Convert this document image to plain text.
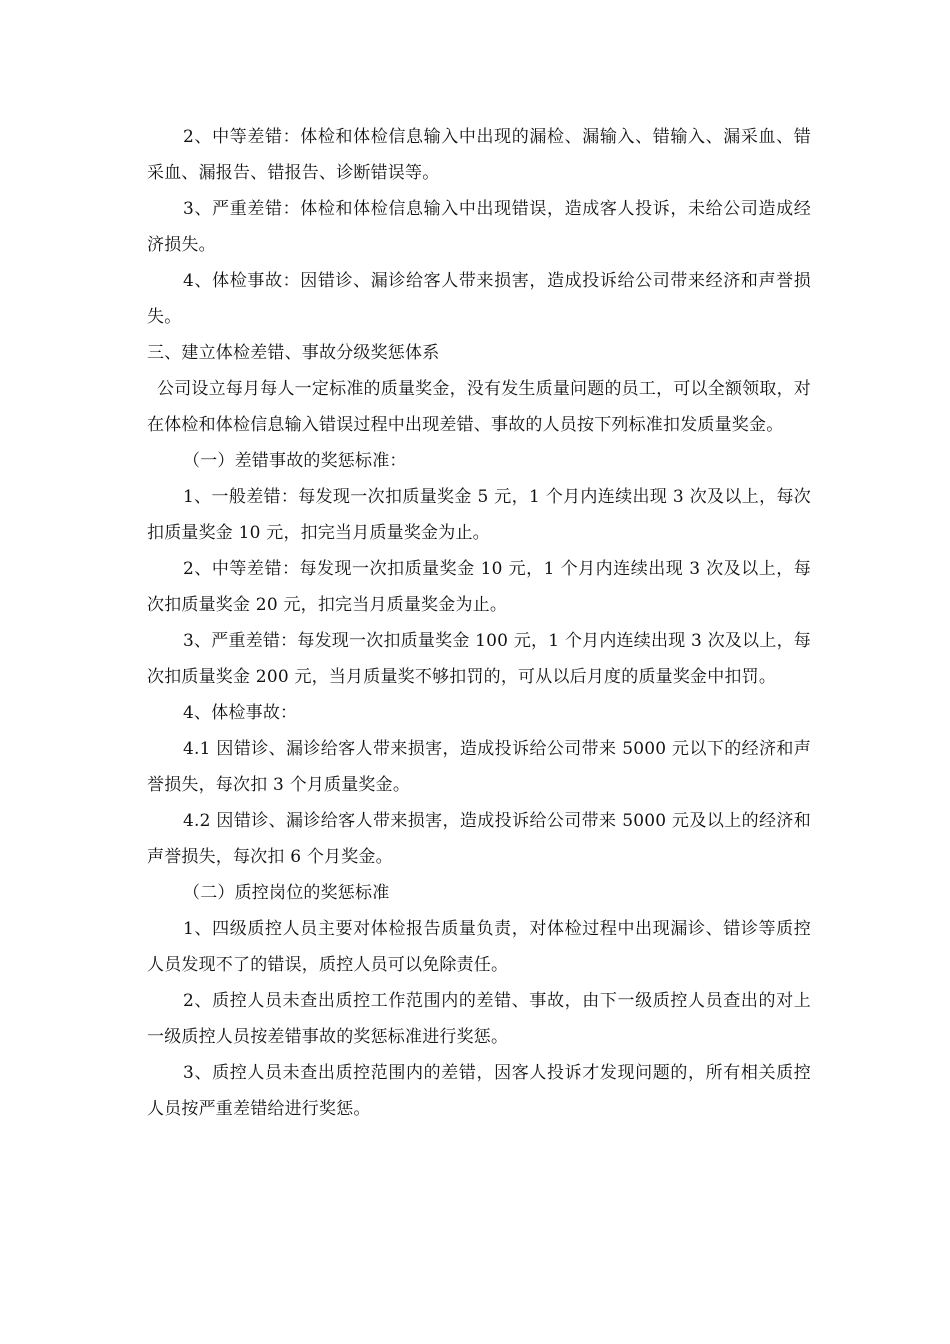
2、中等差错：体检和体检信息输入中出现的漏检、漏输入、错输入、漏采血、错采血、漏报告、错报告、诊断错误等。

3、严重差错：体检和体检信息输入中出现错误，造成客人投诉，未给公司造成经济损失。

4、体检事故：因错诊、漏诊给客人带来损害，造成投诉给公司带来经济和声誉损失。

三、建立体检差错、事故分级奖惩体系

公司设立每月每人一定标准的质量奖金，没有发生质量问题的员工，可以全额领取，对在体检和体检信息输入错误过程中出现差错、事故的人员按下列标准扣发质量奖金。

（一）差错事故的奖惩标准：

1、一般差错：每发现一次扣质量奖金 5 元，1 个月内连续出现 3 次及以上，每次扣质量奖金 10 元，扣完当月质量奖金为止。

2、中等差错：每发现一次扣质量奖金 10 元，1 个月内连续出现 3 次及以上，每次扣质量奖金 20 元，扣完当月质量奖金为止。

3、严重差错：每发现一次扣质量奖金 100 元，1 个月内连续出现 3 次及以上，每次扣质量奖金 200 元，当月质量奖不够扣罚的，可从以后月度的质量奖金中扣罚。

4、体检事故：

4.1 因错诊、漏诊给客人带来损害，造成投诉给公司带来 5000 元以下的经济和声誉损失，每次扣 3 个月质量奖金。

4.2 因错诊、漏诊给客人带来损害，造成投诉给公司带来 5000 元及以上的经济和声誉损失，每次扣 6 个月奖金。

（二）质控岗位的奖惩标准

1、四级质控人员主要对体检报告质量负责，对体检过程中出现漏诊、错诊等质控人员发现不了的错误，质控人员可以免除责任。

2、质控人员未查出质控工作范围内的差错、事故，由下一级质控人员查出的对上一级质控人员按差错事故的奖惩标准进行奖惩。

3、质控人员未查出质控范围内的差错，因客人投诉才发现问题的，所有相关质控人员按严重差错给进行奖惩。
